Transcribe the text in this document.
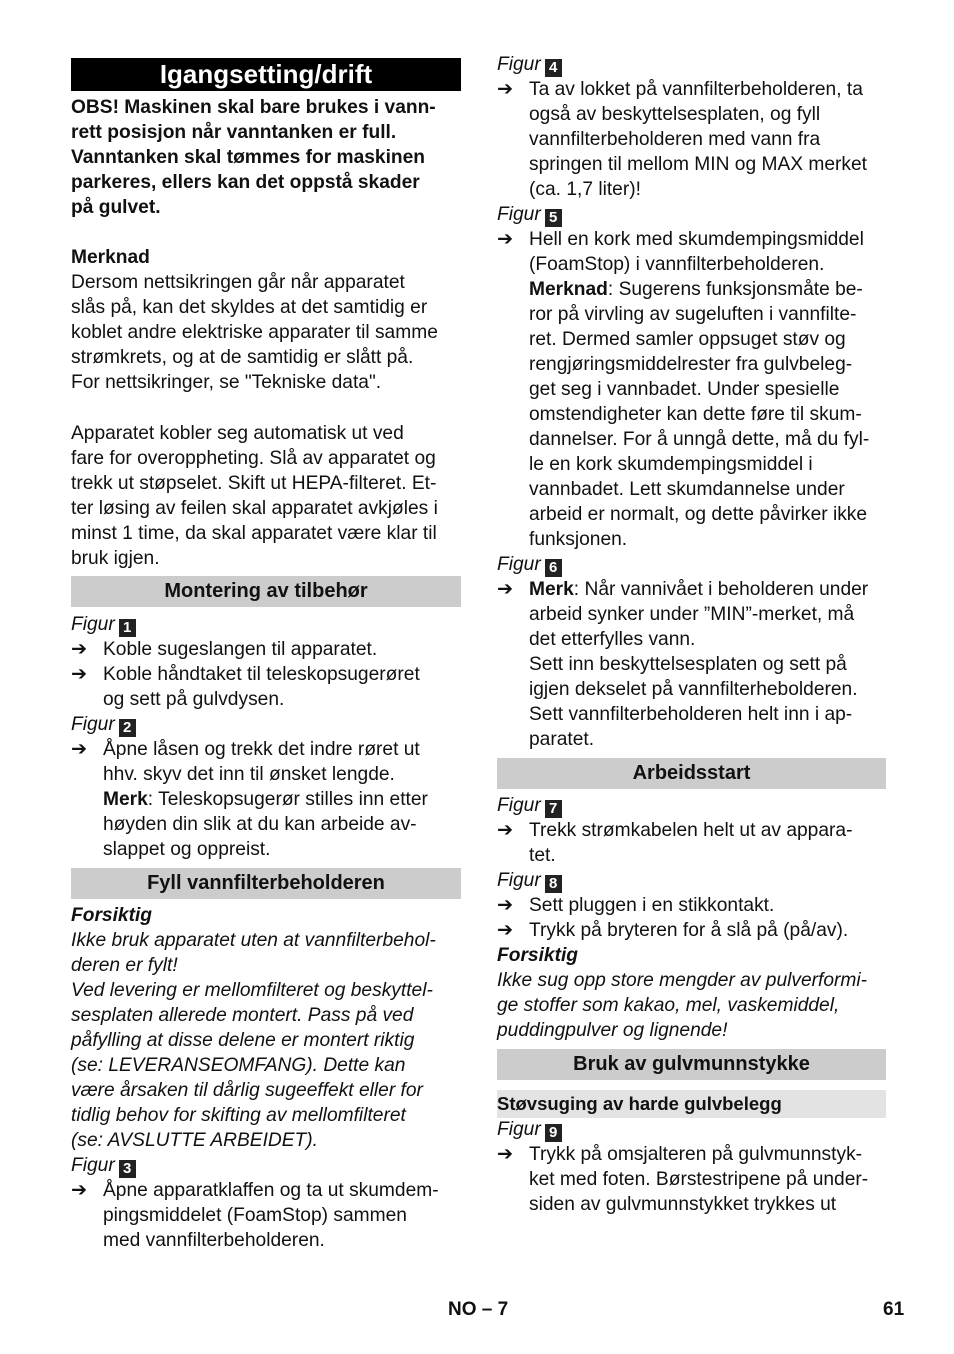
Igangsetting/drift

OBS! Maskinen skal bare brukes i vann-

rett posisjon når vanntanken er full.

Vanntanken skal tømmes for maskinen

parkeres, ellers kan det oppstå skader

på gulvet.

Merknad

Dersom nettsikringen går når apparatet

slås på, kan det skyldes at det samtidig er

koblet andre elektriske apparater til samme

strømkrets, og at de samtidig er slått på.

For nettsikringer, se "Tekniske data".

Apparatet kobler seg automatisk ut ved

fare for overoppheting. Slå av apparatet og

trekk ut støpselet. Skift ut HEPA-filteret. Et-

ter løsing av feilen skal apparatet avkjøles i

minst 1 time, da skal apparatet være klar til

bruk igjen.

Montering av tilbehør

Figur 1

➔ Koble sugeslangen til apparatet.

➔ Koble håndtaket til teleskopsugerøret

og sett på gulvdysen.

Figur 2

➔ Åpne låsen og trekk det indre røret ut

hhv. skyv det inn til ønsket lengde.

Merk: Teleskopsugerør stilles inn etter

høyden din slik at du kan arbeide av-

slappet og oppreist.

Fyll vannfilterbeholderen

Forsiktig

Ikke bruk apparatet uten at vannfilterbehol-

deren er fylt!

Ved levering er mellomfilteret og beskyttel-

sesplaten allerede montert. Pass på ved

påfylling at disse delene er montert riktig

(se: LEVERANSEOMFANG). Dette kan

være årsaken til dårlig sugeeffekt eller for

tidlig behov for skifting av mellomfilteret

(se: AVSLUTTE ARBEIDET).

Figur 3

➔ Åpne apparatklaffen og ta ut skumdem-

pingsmiddelet (FoamStop) sammen

med vannfilterbeholderen.

Figur 4

➔ Ta av lokket på vannfilterbeholderen, ta

også av beskyttelsesplaten, og fyll

vannfilterbeholderen med vann fra

springen til mellom MIN og MAX merket

(ca. 1,7 liter)!

Figur 5

➔ Hell en kork med skumdempingsmiddel

(FoamStop) i vannfilterbeholderen.

Merknad: Sugerens funksjonsmåte be-

ror på virvling av sugeluften i vannfilte-

ret. Dermed samler oppsuget støv og

rengjøringsmiddelrester fra gulvbeleg-

get seg i vannbadet. Under spesielle

omstendigheter kan dette føre til skum-

dannelser. For å unngå dette, må du fyl-

le en kork skumdempingsmiddel i

vannbadet. Lett skumdannelse under

arbeid er normalt, og dette påvirker ikke

funksjonen.

Figur 6

➔ Merk: Når vannivået i beholderen under

arbeid synker under ”MIN”-merket, må

det etterfylles vann.

Sett inn beskyttelsesplaten og sett på

igjen dekselet på vannfilterhebolderen.

Sett vannfilterbeholderen helt inn i ap-

paratet.

Arbeidsstart

Figur 7

➔ Trekk strømkabelen helt ut av appara-

tet.

Figur 8

➔ Sett pluggen i en stikkontakt.

➔ Trykk på bryteren for å slå på (på/av).

Forsiktig

Ikke sug opp store mengder av pulverformi-

ge stoffer som kakao, mel, vaskemiddel,

puddingpulver og lignende!

Bruk av gulvmunnstykke
Støvsuging av harde gulvbelegg

Figur 9

➔ Trykk på omsjalteren på gulvmunnstyk-

ket med foten. Børstestripene på under-

siden av gulvmunnstykket trykkes ut

NO – 7	61
